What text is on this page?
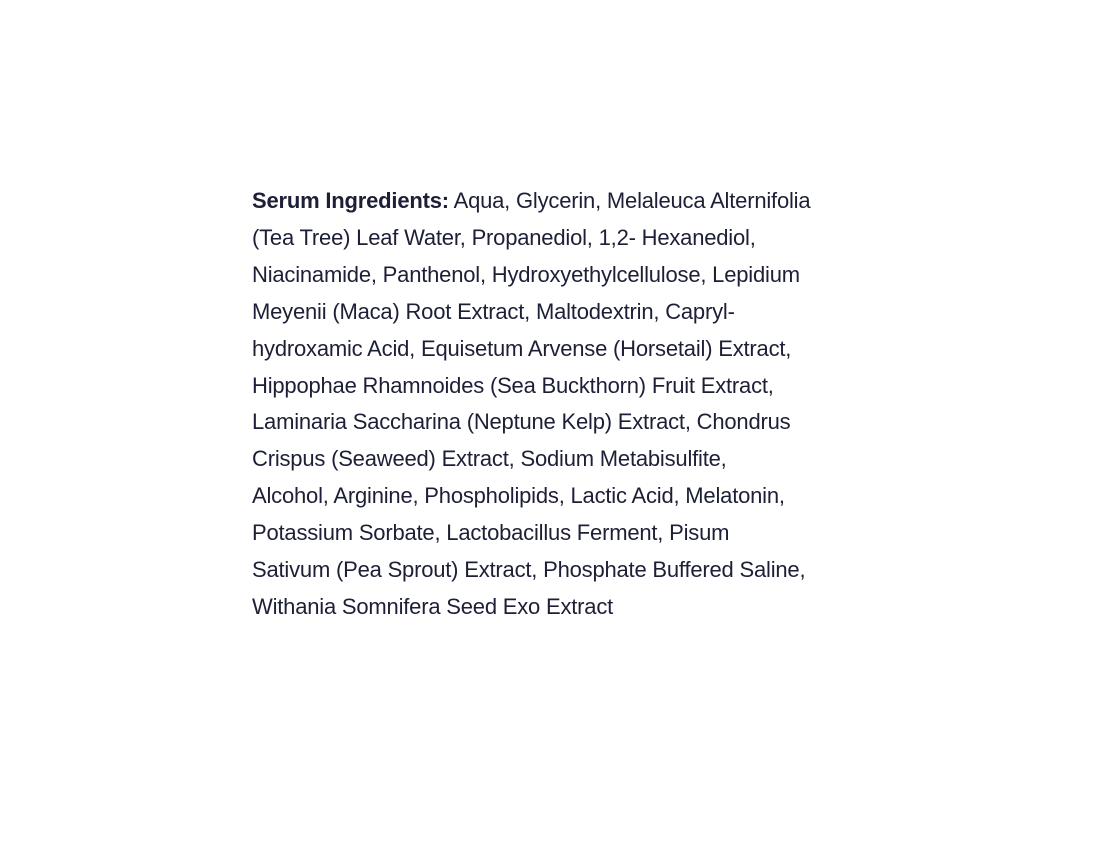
Serum Ingredients: Aqua, Glycerin, Melaleuca Alternifolia
(Tea Tree) Leaf Water, Propanediol, 1,2- Hexanediol,
Niacinamide, Panthenol, Hydroxyethylcellulose, Lepidium
Meyenii (Maca) Root Extract, Maltodextrin, Capryl-
hydroxamic Acid, Equisetum Arvense (Horsetail) Extract,
Hippophae Rhamnoides (Sea Buckthorn) Fruit Extract,
Laminaria Saccharina (Neptune Kelp) Extract, Chondrus
Crispus (Seaweed) Extract, Sodium Metabisulfite,
Alcohol, Arginine, Phospholipids, Lactic Acid, Melatonin,
Potassium Sorbate, Lactobacillus Ferment, Pisum
Sativum (Pea Sprout) Extract, Phosphate Buffered Saline,
Withania Somnifera Seed Exo Extract
